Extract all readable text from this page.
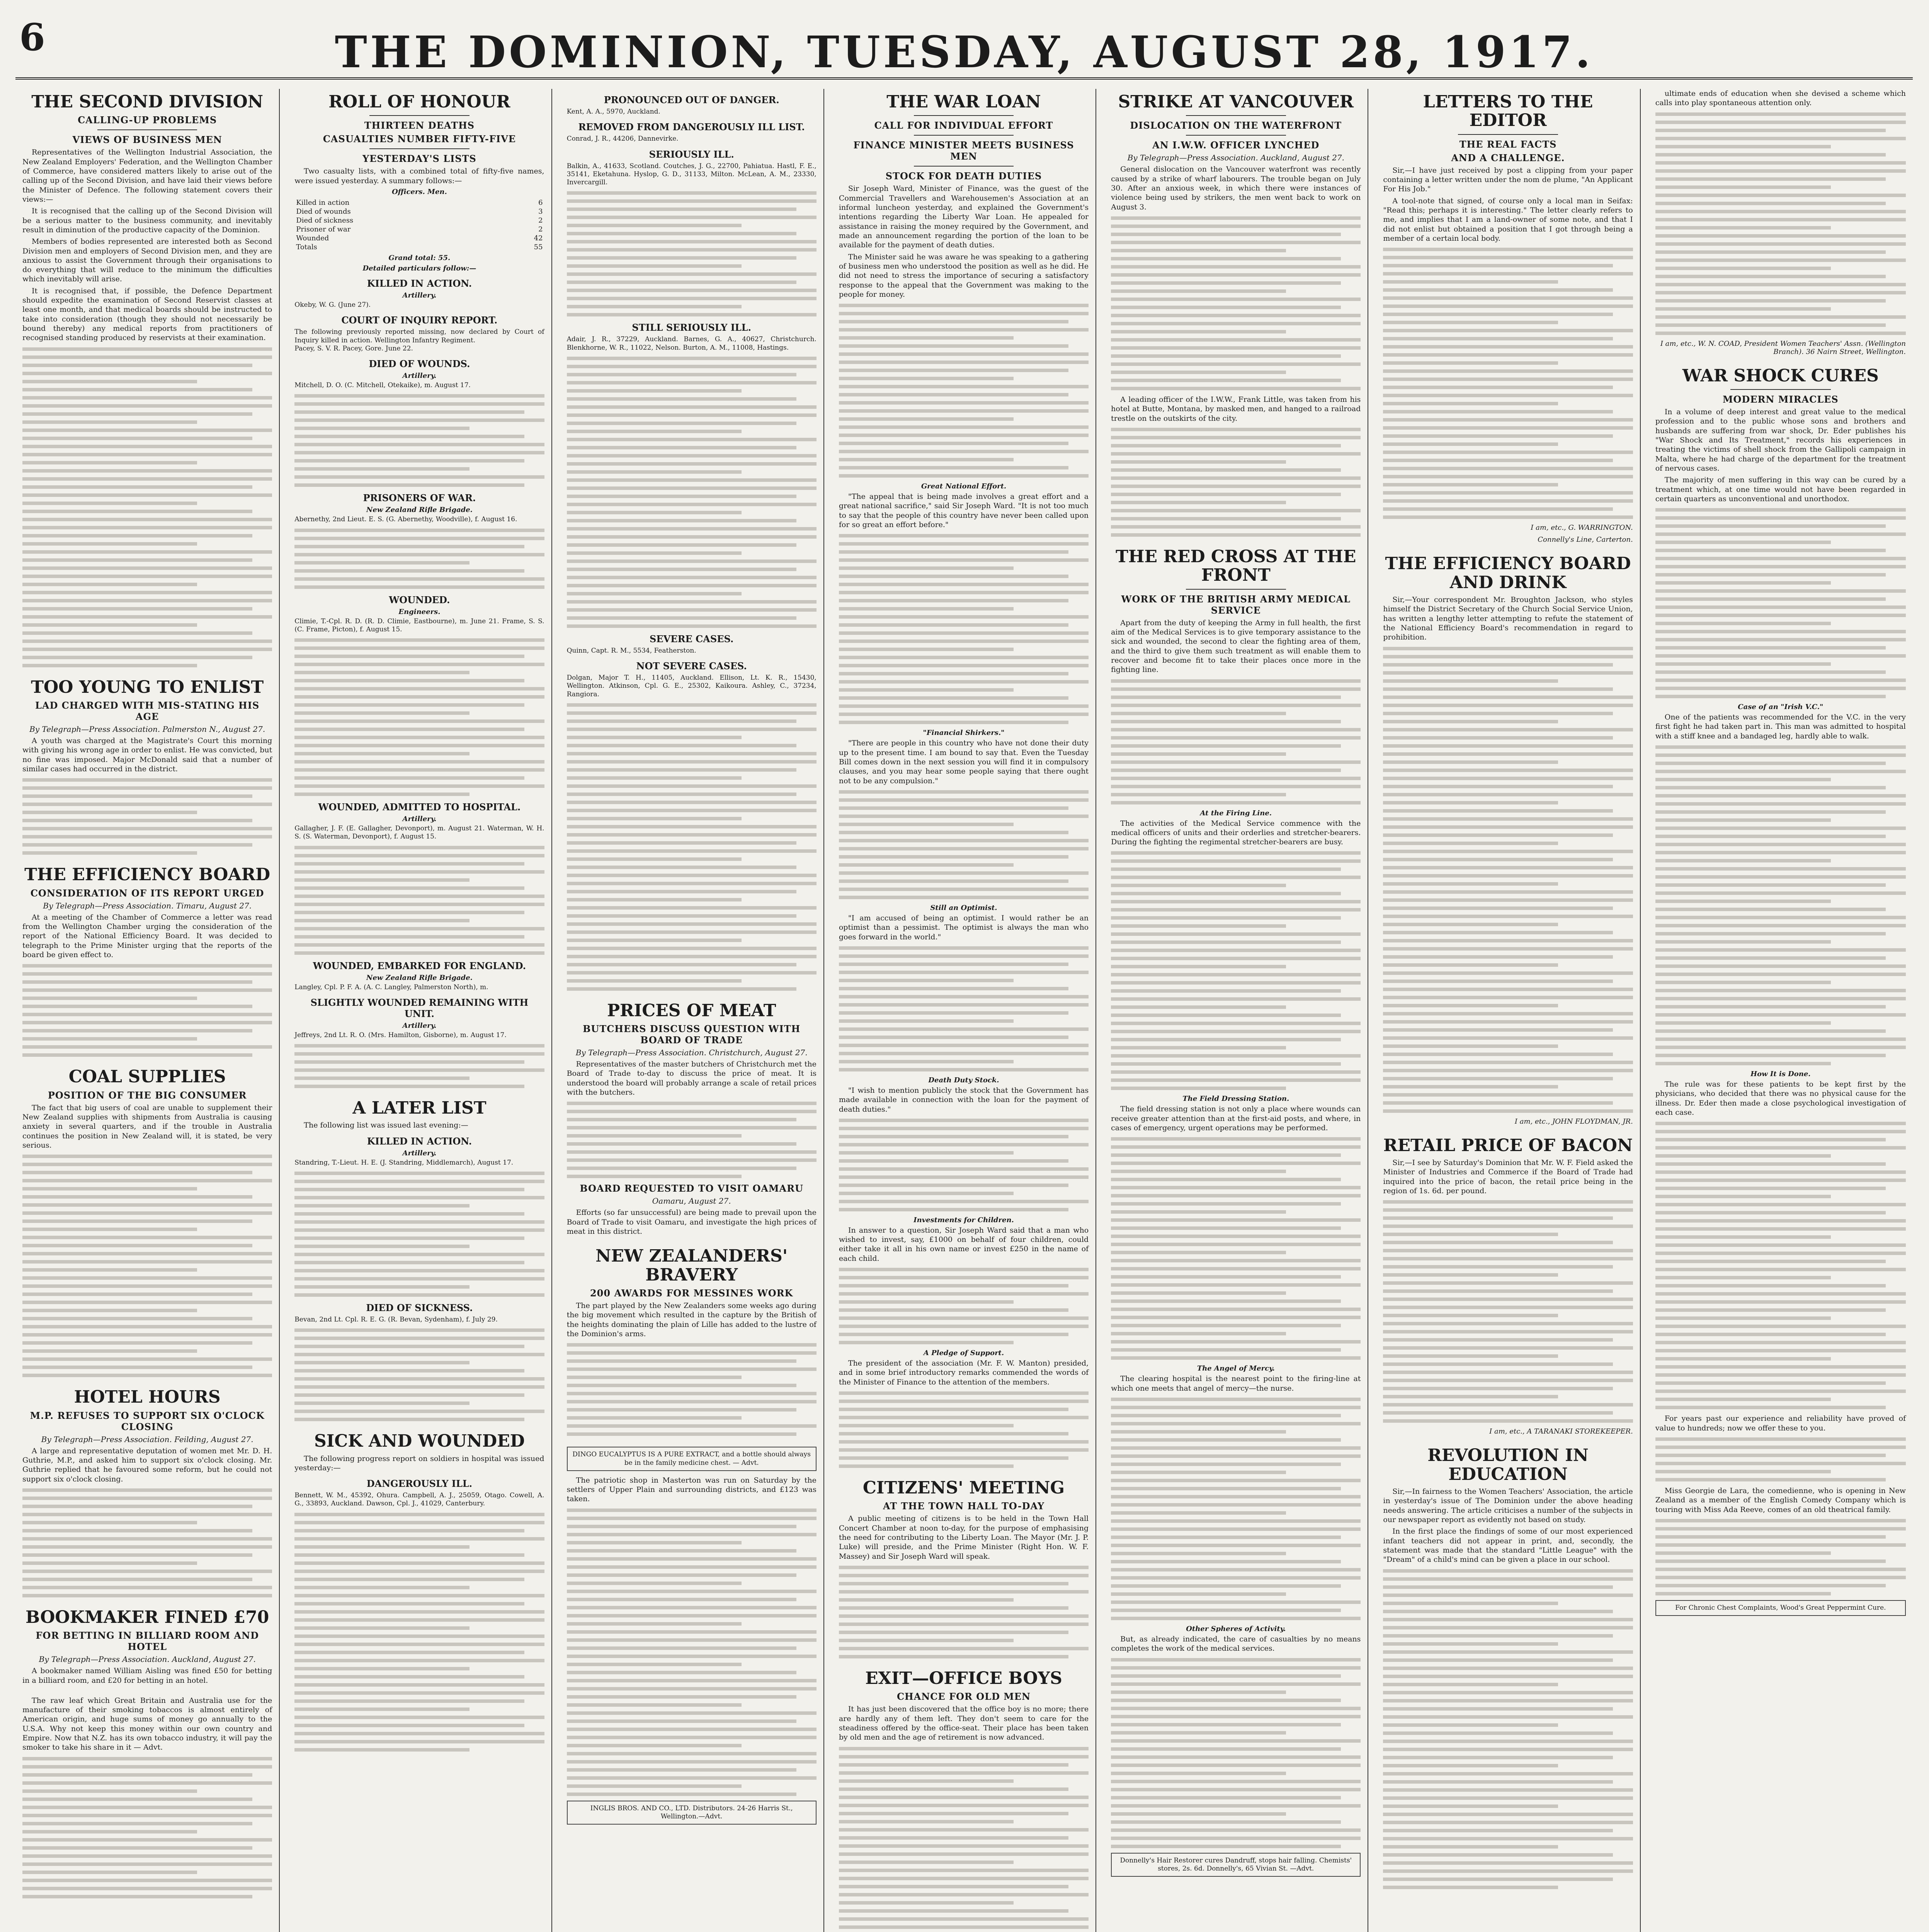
6	THE DOMINION, TUESDAY, AUGUST 28, 1917.
THE SECOND DIVISION
CALLING-UP PROBLEMS
VIEWS OF BUSINESS MEN

Representatives of the Wellington Industrial Association, the New Zealand Employers' Federation, and the Wellington Chamber of Commerce, have considered matters likely to arise out of the calling up of the Second Division, and have laid their views before the Minister of Defence. The following statement covers their views:—

It is recognised that the calling up of the Second Division will be a serious matter to the business community, and inevitably result in diminution of the productive capacity of the Dominion.

Members of bodies represented are interested both as Second Division men and employers of Second Division men, and they are anxious to assist the Government through their organisations to do everything that will reduce to the minimum the difficulties which inevitably will arise.

It is recognised that, if possible, the Defence Department should expedite the examination of Second Reservist classes at least one month, and that medical boards should be instructed to take into consideration (though they should not necessarily be bound thereby) any medical reports from practitioners of recognised standing produced by reservists at their examination.

TOO YOUNG TO ENLIST
LAD CHARGED WITH MIS-STATING HIS AGE
By Telegraph—Press Association. Palmerston N., August 27.

A youth was charged at the Magistrate's Court this morning with giving his wrong age in order to enlist. He was convicted, but no fine was imposed. Major McDonald said that a number of similar cases had occurred in the district.

THE EFFICIENCY BOARD
CONSIDERATION OF ITS REPORT URGED
By Telegraph—Press Association. Timaru, August 27.

At a meeting of the Chamber of Commerce a letter was read from the Wellington Chamber urging the consideration of the report of the National Efficiency Board. It was decided to telegraph to the Prime Minister urging that the reports of the board be given effect to.

COAL SUPPLIES
POSITION OF THE BIG CONSUMER

The fact that big users of coal are unable to supplement their New Zealand supplies with shipments from Australia is causing anxiety in several quarters, and if the trouble in Australia continues the position in New Zealand will, it is stated, be very serious.

HOTEL HOURS
M.P. REFUSES TO SUPPORT SIX O'CLOCK CLOSING
By Telegraph—Press Association. Feilding, August 27.

A large and representative deputation of women met Mr. D. H. Guthrie, M.P., and asked him to support six o'clock closing. Mr. Guthrie replied that he favoured some reform, but he could not support six o'clock closing.

BOOKMAKER FINED £70
FOR BETTING IN BILLIARD ROOM AND HOTEL
By Telegraph—Press Association. Auckland, August 27.

A bookmaker named William Aisling was fined £50 for betting in a billiard room, and £20 for betting in an hotel.

The raw leaf which Great Britain and Australia use for the manufacture of their smoking tobaccos is almost entirely of American origin, and huge sums of money go annually to the U.S.A. Why not keep this money within our own country and Empire. Now that N.Z. has its own tobacco industry, it will pay the smoker to take his share in it — Advt.

ROLL OF HONOUR
THIRTEEN DEATHS
CASUALTIES NUMBER FIFTY-FIVE
YESTERDAY'S LISTS

Two casualty lists, with a combined total of fifty-five names, were issued yesterday. A summary follows:—

Officers. Men.
Killed in action	6
Died of wounds	3
Died of sickness	2
Prisoner of war	2
Wounded	42
Totals	55
Grand total: 55.
Detailed particulars follow:—
KILLED IN ACTION.
Artillery.

Okeby, W. G. (June 27).

COURT OF INQUIRY REPORT.

The following previously reported missing, now declared by Court of Inquiry killed in action. Wellington Infantry Regiment.

Pacey, S. V. R. Pacey, Gore. June 22.

DIED OF WOUNDS.
Artillery.

Mitchell, D. O. (C. Mitchell, Otekaike), m. August 17.

PRISONERS OF WAR.
New Zealand Rifle Brigade.

Abernethy, 2nd Lieut. E. S. (G. Abernethy, Woodville), f. August 16.

WOUNDED.
Engineers.

Climie, T.-Cpl. R. D. (R. D. Climie, Eastbourne), m. June 21. Frame, S. S. (C. Frame, Picton), f. August 15.

WOUNDED, ADMITTED TO HOSPITAL.
Artillery.

Gallagher, J. F. (E. Gallagher, Devonport), m. August 21. Waterman, W. H. S. (S. Waterman, Devonport), f. August 15.

WOUNDED, EMBARKED FOR ENGLAND.
New Zealand Rifle Brigade.

Langley, Cpl. P. F. A. (A. C. Langley, Palmerston North), m.

SLIGHTLY WOUNDED REMAINING WITH UNIT.
Artillery.

Jeffreys, 2nd Lt. R. O. (Mrs. Hamilton, Gisborne), m. August 17.

A LATER LIST

The following list was issued last evening:—

KILLED IN ACTION.
Artillery.

Standring, T.-Lieut. H. E. (J. Standring, Middlemarch), August 17.

DIED OF SICKNESS.

Bevan, 2nd Lt. Cpl. R. E. G. (R. Bevan, Sydenham), f. July 29.

SICK AND WOUNDED

The following progress report on soldiers in hospital was issued yesterday:—

DANGEROUSLY ILL.

Bennett, W. M., 45392, Ohura. Campbell, A. J., 25059, Otago. Cowell, A. G., 33893, Auckland. Dawson, Cpl. J., 41029, Canterbury.

PRONOUNCED OUT OF DANGER.

Kent, A. A., 5970, Auckland.

REMOVED FROM DANGEROUSLY ILL LIST.

Conrad, J. R., 44206, Dannevirke.

SERIOUSLY ILL.

Balkin, A., 41633, Scotland. Coutches, J. G., 22700, Pahiatua. Hastl, F. E., 35141, Eketahuna. Hyslop, G. D., 31133, Milton. McLean, A. M., 23330, Invercargill.

STILL SERIOUSLY ILL.

Adair, J. R., 37229, Auckland. Barnes, G. A., 40627, Christchurch. Blenkhorne, W. R., 11022, Nelson. Burton, A. M., 11008, Hastings.

SEVERE CASES.

Quinn, Capt. R. M., 5534, Featherston.

NOT SEVERE CASES.

Dolgan, Major T. H., 11405, Auckland. Ellison, Lt. K. R., 15430, Wellington. Atkinson, Cpl. G. E., 25302, Kaikoura. Ashley, C., 37234, Rangiora.

PRICES OF MEAT
BUTCHERS DISCUSS QUESTION WITH BOARD OF TRADE
By Telegraph—Press Association. Christchurch, August 27.

Representatives of the master butchers of Christchurch met the Board of Trade to-day to discuss the price of meat. It is understood the board will probably arrange a scale of retail prices with the butchers.

BOARD REQUESTED TO VISIT OAMARU
Oamaru, August 27.

Efforts (so far unsuccessful) are being made to prevail upon the Board of Trade to visit Oamaru, and investigate the high prices of meat in this district.

NEW ZEALANDERS' BRAVERY
200 AWARDS FOR MESSINES WORK

The part played by the New Zealanders some weeks ago during the big movement which resulted in the capture by the British of the heights dominating the plain of Lille has added to the lustre of the Dominion's arms.

DINGO EUCALYPTUS IS A PURE EXTRACT, and a bottle should always be in the family medicine chest. — Advt.

The patriotic shop in Masterton was run on Saturday by the settlers of Upper Plain and surrounding districts, and £123 was taken.

INGLIS BROS. AND CO., LTD. Distributors. 24-26 Harris St., Wellington.—Advt.
THE WAR LOAN
CALL FOR INDIVIDUAL EFFORT
FINANCE MINISTER MEETS BUSINESS MEN
STOCK FOR DEATH DUTIES

Sir Joseph Ward, Minister of Finance, was the guest of the Commercial Travellers and Warehousemen's Association at an informal luncheon yesterday, and explained the Government's intentions regarding the Liberty War Loan. He appealed for assistance in raising the money required by the Government, and made an announcement regarding the portion of the loan to be available for the payment of death duties.

The Minister said he was aware he was speaking to a gathering of business men who understood the position as well as he did. He did not need to stress the importance of securing a satisfactory response to the appeal that the Government was making to the people for money.

Great National Effort.

"The appeal that is being made involves a great effort and a great national sacrifice," said Sir Joseph Ward. "It is not too much to say that the people of this country have never been called upon for so great an effort before."

"Financial Shirkers."

"There are people in this country who have not done their duty up to the present time. I am bound to say that. Even the Tuesday Bill comes down in the next session you will find it in compulsory clauses, and you may hear some people saying that there ought not to be any compulsion."

Still an Optimist.

"I am accused of being an optimist. I would rather be an optimist than a pessimist. The optimist is always the man who goes forward in the world."

Death Duty Stock.

"I wish to mention publicly the stock that the Government has made available in connection with the loan for the payment of death duties."

Investments for Children.

In answer to a question, Sir Joseph Ward said that a man who wished to invest, say, £1000 on behalf of four children, could either take it all in his own name or invest £250 in the name of each child.

A Pledge of Support.

The president of the association (Mr. F. W. Manton) presided, and in some brief introductory remarks commended the words of the Minister of Finance to the attention of the members.

CITIZENS' MEETING
AT THE TOWN HALL TO-DAY

A public meeting of citizens is to be held in the Town Hall Concert Chamber at noon to-day, for the purpose of emphasising the need for contributing to the Liberty Loan. The Mayor (Mr. J. P. Luke) will preside, and the Prime Minister (Right Hon. W. F. Massey) and Sir Joseph Ward will speak.

EXIT—OFFICE BOYS
CHANCE FOR OLD MEN

It has just been discovered that the office boy is no more; there are hardly any of them left. They don't seem to care for the steadiness offered by the office-seat. Their place has been taken by old men and the age of retirement is now advanced.

STRIKE AT VANCOUVER
DISLOCATION ON THE WATERFRONT
AN I.W.W. OFFICER LYNCHED
By Telegraph—Press Association. Auckland, August 27.

General dislocation on the Vancouver waterfront was recently caused by a strike of wharf labourers. The trouble began on July 30. After an anxious week, in which there were instances of violence being used by strikers, the men went back to work on August 3.

A leading officer of the I.W.W., Frank Little, was taken from his hotel at Butte, Montana, by masked men, and hanged to a railroad trestle on the outskirts of the city.

THE RED CROSS AT THE FRONT
WORK OF THE BRITISH ARMY MEDICAL SERVICE

Apart from the duty of keeping the Army in full health, the first aim of the Medical Services is to give temporary assistance to the sick and wounded, the second to clear the fighting area of them, and the third to give them such treatment as will enable them to recover and become fit to take their places once more in the fighting line.

At the Firing Line.

The activities of the Medical Service commence with the medical officers of units and their orderlies and stretcher-bearers. During the fighting the regimental stretcher-bearers are busy.

The Field Dressing Station.

The field dressing station is not only a place where wounds can receive greater attention than at the first-aid posts, and where, in cases of emergency, urgent operations may be performed.

The Angel of Mercy.

The clearing hospital is the nearest point to the firing-line at which one meets that angel of mercy—the nurse.

Other Spheres of Activity.

But, as already indicated, the care of casualties by no means completes the work of the medical services.

Donnelly's Hair Restorer cures Dandruff, stops hair falling. Chemists' stores, 2s. 6d. Donnelly's, 65 Vivian St. —Advt.
LETTERS TO THE EDITOR
THE REAL FACTS
AND A CHALLENGE.

Sir,—I have just received by post a clipping from your paper containing a letter written under the nom de plume, "An Applicant For His Job."

A tool-note that signed, of course only a local man in Seifax: "Read this; perhaps it is interesting." The letter clearly refers to me, and implies that I am a land-owner of some note, and that I did not enlist but obtained a position that I got through being a member of a certain local body.

I am, etc., G. WARRINGTON.
Connelly's Line, Carterton.
THE EFFICIENCY BOARD AND DRINK

Sir,—Your correspondent Mr. Broughton Jackson, who styles himself the District Secretary of the Church Social Service Union, has written a lengthy letter attempting to refute the statement of the National Efficiency Board's recommendation in regard to prohibition.

I am, etc., JOHN FLOYDMAN, JR.
RETAIL PRICE OF BACON

Sir,—I see by Saturday's Dominion that Mr. W. F. Field asked the Minister of Industries and Commerce if the Board of Trade had inquired into the price of bacon, the retail price being in the region of 1s. 6d. per pound.

I am, etc., A TARANAKI STOREKEEPER.
REVOLUTION IN EDUCATION

Sir,—In fairness to the Women Teachers' Association, the article in yesterday's issue of The Dominion under the above heading needs answering. The article criticises a number of the subjects in our newspaper report as evidently not based on study.

In the first place the findings of some of our most experienced infant teachers did not appear in print, and, secondly, the statement was made that the standard "Little League" with the "Dream" of a child's mind can be given a place in our school.

ultimate ends of education when she devised a scheme which calls into play spontaneous attention only.

I am, etc., W. N. COAD, President Women Teachers' Assn. (Wellington Branch). 36 Nairn Street, Wellington.
WAR SHOCK CURES
MODERN MIRACLES

In a volume of deep interest and great value to the medical profession and to the public whose sons and brothers and husbands are suffering from war shock, Dr. Eder publishes his "War Shock and Its Treatment," records his experiences in treating the victims of shell shock from the Gallipoli campaign in Malta, where he had charge of the department for the treatment of nervous cases.

The majority of men suffering in this way can be cured by a treatment which, at one time would not have been regarded in certain quarters as unconventional and unorthodox.

Case of an "Irish V.C."

One of the patients was recommended for the V.C. in the very first fight he had taken part in. This man was admitted to hospital with a stiff knee and a bandaged leg, hardly able to walk.

How It is Done.

The rule was for these patients to be kept first by the physicians, who decided that there was no physical cause for the illness. Dr. Eder then made a close psychological investigation of each case.

For years past our experience and reliability have proved of value to hundreds; now we offer these to you.

Miss Georgie de Lara, the comedienne, who is opening in New Zealand as a member of the English Comedy Company which is touring with Miss Ada Reeve, comes of an old theatrical family.

For Chronic Chest Complaints, Wood's Great Peppermint Cure.
